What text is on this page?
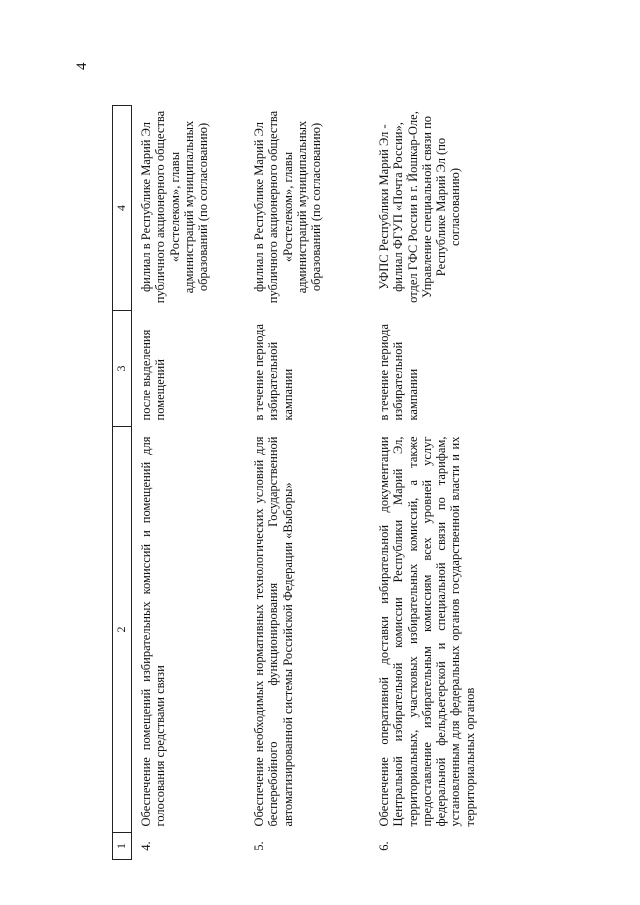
4
1	2	3	4
4.	Обеспечение помещений избирательных комиссий и помещений для голосования средствами связи	после выделения помещений	филиал в Республике Марий Эл публичного акционерного общества «Ростелеком», главы администраций муниципальных образований (по согласованию)
5.	Обеспечение необходимых нормативных технологических условий для бесперебойного функционирования Государственной автоматизированной системы Российской Федерации «Выборы»	в течение периода избирательной кампании	филиал в Республике Марий Эл публичного акционерного общества «Ростелеком», главы администраций муниципальных образований (по согласованию)
6.	Обеспечение оперативной доставки избирательной документации Центральной избирательной комиссии Республики Марий Эл, территориальных, участковых избирательных комиссий, а также предоставление избирательным комиссиям всех уровней услуг федеральной фельдъегерской и специальной связи по тарифам, установленным для федеральных органов государственной власти и их территориальных органов	в течение периода избирательной кампании	УФПС Республики Марий Эл - филиал ФГУП «Почта России», отдел ГФС России в г. Йошкар-Оле, Управление специальной связи по Республике Марий Эл (по согласованию)
